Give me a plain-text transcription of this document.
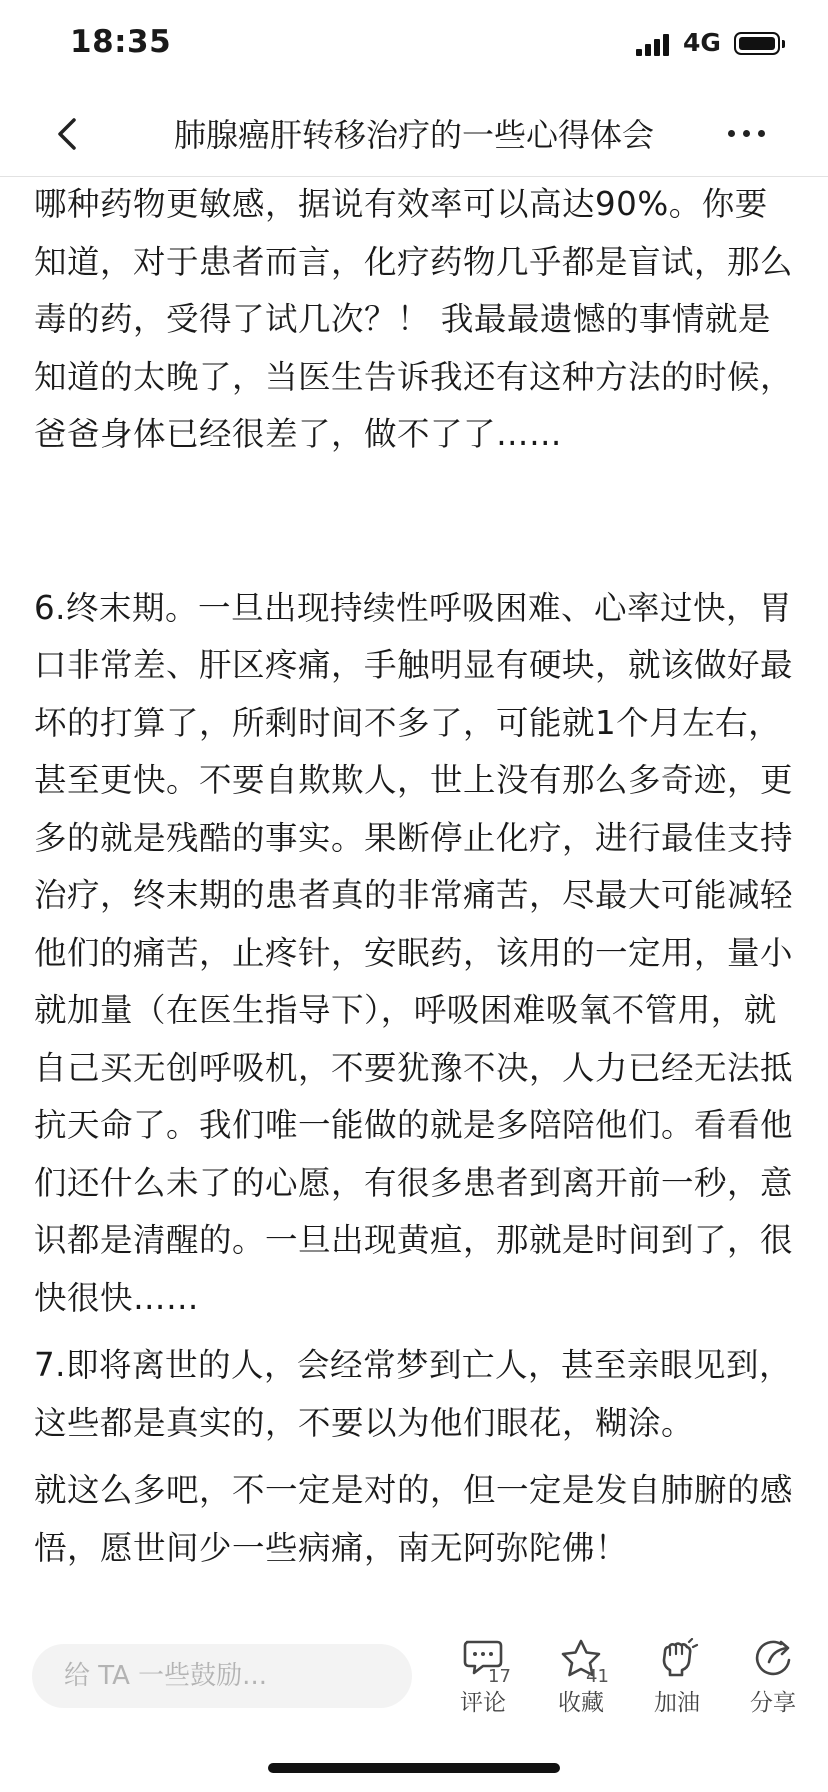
18:35	4G
肺腺癌肝转移治疗的一些心得体会

哪种药物更敏感，据说有效率可以高达90%。你要知道，对于患者而言，化疗药物几乎都是盲试，那么毒的药，受得了试几次？！ 我最最遗憾的事情就是知道的太晚了，当医生告诉我还有这种方法的时候，爸爸身体已经很差了，做不了了……

6.终末期。一旦出现持续性呼吸困难、心率过快，胃口非常差、肝区疼痛，手触明显有硬块，就该做好最坏的打算了，所剩时间不多了，可能就1个月左右，甚至更快。不要自欺欺人，世上没有那么多奇迹，更多的就是残酷的事实。果断停止化疗，进行最佳支持治疗，终末期的患者真的非常痛苦，尽最大可能减轻他们的痛苦，止疼针，安眠药，该用的一定用，量小就加量（在医生指导下），呼吸困难吸氧不管用，就自己买无创呼吸机，不要犹豫不决，人力已经无法抵抗天命了。我们唯一能做的就是多陪陪他们。看看他们还什么未了的心愿，有很多患者到离开前一秒，意识都是清醒的。一旦出现黄疸，那就是时间到了，很快很快……

7.即将离世的人，会经常梦到亡人，甚至亲眼见到，这些都是真实的，不要以为他们眼花，糊涂。

就这么多吧，不一定是对的，但一定是发自肺腑的感悟，愿世间少一些病痛，南无阿弥陀佛！

给 TA 一些鼓励...
17
评论
41
收藏	加油	分享
